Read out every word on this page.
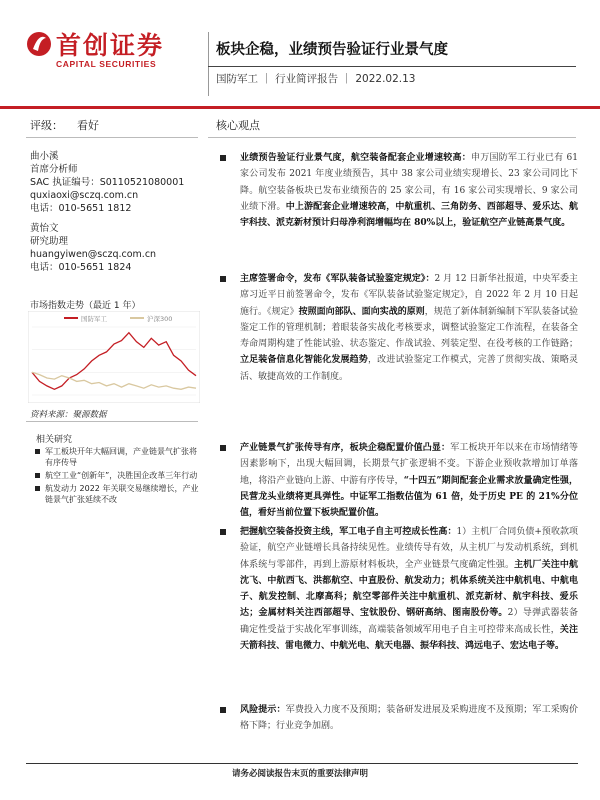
首创证券
CAPITAL SECURITIES
板块企稳，业绩预告验证行业景气度
国防军工 ｜ 行业简评报告 ｜ 2022.02.13
评级：    看好
曲小溪
首席分析师
SAC 执证编号：S0110521080001
quxiaoxi@sczq.com.cn
电话：010-5651 1812
黄怡文
研究助理
huangyiwen@sczq.com.cn
电话：010-5651 1824
市场指数走势（最近 1 年）
国防军工	沪深300
资料来源：聚源数据
相关研究
军工板块开年大幅回调，产业链景气扩张将有序传导
航空工业“创新年”，决胜国企改革三年行动
航发动力 2022 年关联交易继续增长，产业链景气扩张延续不改
核心观点
业绩预告验证行业景气度，航空装备配套企业增速较高：申万国防军工行业已有 61 家公司发布 2021 年度业绩预告，其中 38 家公司业绩实现增长、23 家公司同比下降。航空装备板块已发布业绩预告的 25 家公司，有 16 家公司实现增长、9 家公司业绩下滑。中上游配套企业增速较高，中航重机、三角防务、西部超导、爱乐达、航宇科技、派克新材预计归母净利润增幅均在 80%以上，验证航空产业链高景气度。
主席签署命令，发布《军队装备试验鉴定规定》：2 月 12 日新华社报道，中央军委主席习近平日前签署命令，发布《军队装备试验鉴定规定》，自 2022 年 2 月 10 日起施行。《规定》按照面向部队、面向实战的原则，规范了新体制新编制下军队装备试验鉴定工作的管理机制；着眼装备实战化考核要求，调整试验鉴定工作流程，在装备全寿命周期构建了性能试验、状态鉴定、作战试验、列装定型、在役考核的工作链路；立足装备信息化智能化发展趋势，改进试验鉴定工作模式，完善了贯彻实战、策略灵活、敏捷高效的工作制度。
产业链景气扩张传导有序，板块企稳配置价值凸显：军工板块开年以来在市场情绪等因素影响下，出现大幅回调，长期景气扩张逻辑不变。下游企业预收款增加订单落地，将沿产业链向上游、中游有序传导，“十四五”期间配套企业需求放量确定性强，民营龙头业绩将更具弹性。中证军工指数估值为 61 倍，处于历史 PE 的 21%分位值，看好当前位置下板块配置价值。
把握航空装备投资主线，军工电子自主可控成长性高：1）主机厂合同负债+预收款项验证，航空产业链增长具备持续见性。业绩传导有效，从主机厂与发动机系统，到机体系统与零部件，再到上游原材料板块，全产业链景气度确定性强。主机厂关注中航沈飞、中航西飞、洪都航空、中直股份、航发动力；机体系统关注中航机电、中航电子、航发控制、北摩高科；航空零部件关注中航重机、派克新材、航宇科技、爱乐达；金属材料关注西部超导、宝钛股份、钢研高纳、图南股份等。2）导弹武器装备确定性受益于实战化军事训练，高端装备领域军用电子自主可控带来高成长性，关注天箭科技、雷电微力、中航光电、航天电器、振华科技、鸿远电子、宏达电子等。
风险提示：军费投入力度不及预期；装备研发进展及采购进度不及预期；军工采购价格下降；行业竞争加剧。
请务必阅读报告末页的重要法律声明
